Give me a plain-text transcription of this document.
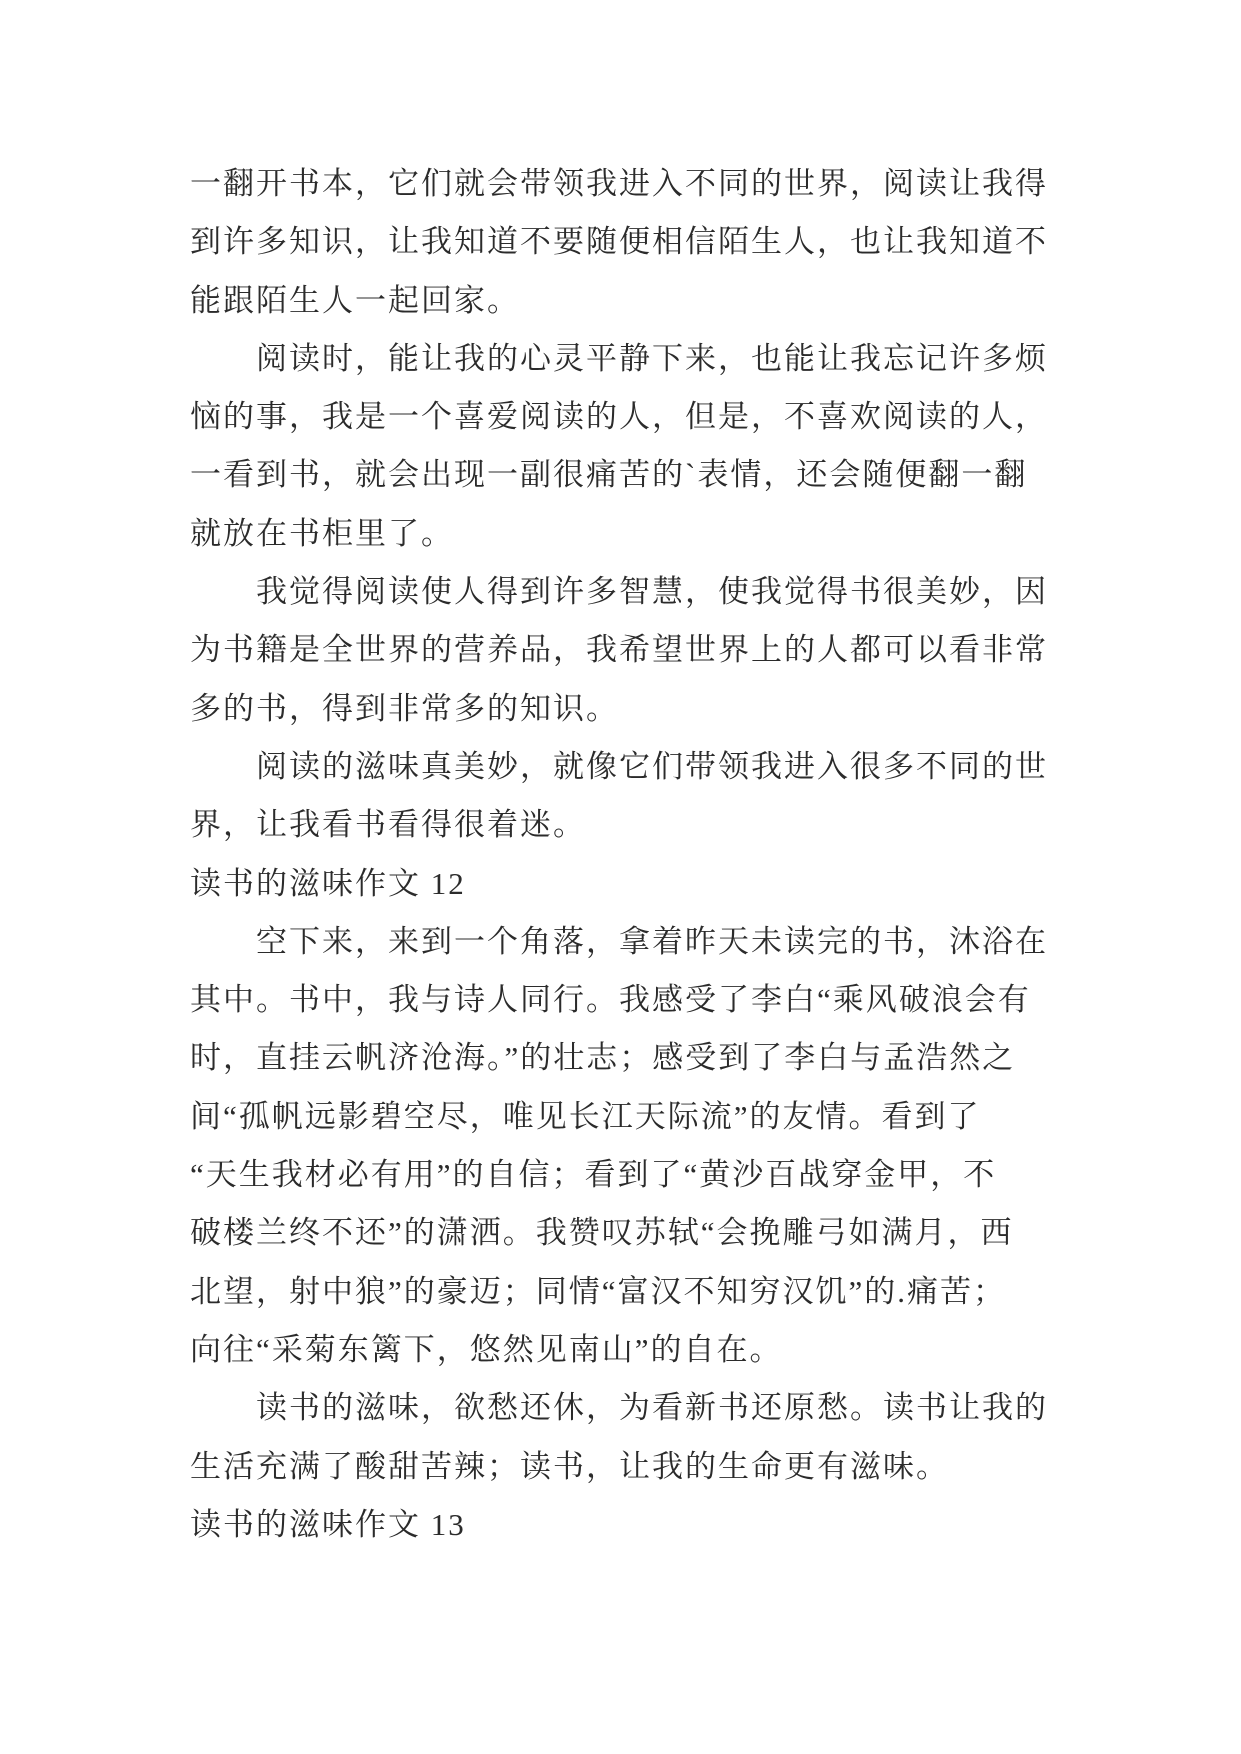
一翻开书本，它们就会带领我进入不同的世界，阅读让我得
到许多知识，让我知道不要随便相信陌生人，也让我知道不
能跟陌生人一起回家。
阅读时，能让我的心灵平静下来，也能让我忘记许多烦
恼的事，我是一个喜爱阅读的人，但是，不喜欢阅读的人，
一看到书，就会出现一副很痛苦的`表情，还会随便翻一翻
就放在书柜里了。
我觉得阅读使人得到许多智慧，使我觉得书很美妙，因
为书籍是全世界的营养品，我希望世界上的人都可以看非常
多的书，得到非常多的知识。
阅读的滋味真美妙，就像它们带领我进入很多不同的世
界，让我看书看得很着迷。
读书的滋味作文 12
空下来，来到一个角落，拿着昨天未读完的书，沐浴在
其中。书中，我与诗人同行。我感受了李白“乘风破浪会有
时，直挂云帆济沧海。”的壮志；感受到了李白与孟浩然之
间“孤帆远影碧空尽，唯见长江天际流”的友情。看到了
“天生我材必有用”的自信；看到了“黄沙百战穿金甲，不
破楼兰终不还”的潇洒。我赞叹苏轼“会挽雕弓如满月，西
北望，射中狼”的豪迈；同情“富汉不知穷汉饥”的.痛苦；
向往“采菊东篱下，悠然见南山”的自在。
读书的滋味，欲愁还休，为看新书还原愁。读书让我的
生活充满了酸甜苦辣；读书，让我的生命更有滋味。
读书的滋味作文 13
